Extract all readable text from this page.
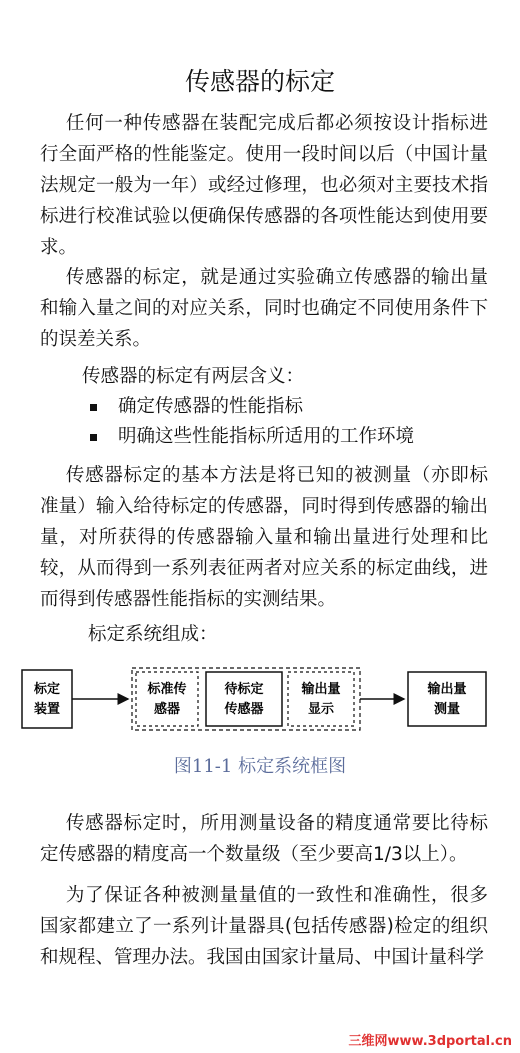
传感器的标定

任何一种传感器在装配完成后都必须按设计指标进行全面严格的性能鉴定。使用一段时间以后（中国计量法规定一般为一年）或经过修理，也必须对主要技术指标进行校准试验以便确保传感器的各项性能达到使用要求。

传感器的标定，就是通过实验确立传感器的输出量和输入量之间的对应关系，同时也确定不同使用条件下的误差关系。

传感器的标定有两层含义：

确定传感器的性能指标
明确这些性能指标所适用的工作环境

传感器标定的基本方法是将已知的被测量（亦即标准量）输入给待标定的传感器，同时得到传感器的输出量，对所获得的传感器输入量和输出量进行处理和比较，从而得到一系列表征两者对应关系的标定曲线，进而得到传感器性能指标的实测结果。

标定系统组成：

标定
装置
标准传
感器
待标定
传感器
输出量
显示
输出量
测量
图11-1 标定系统框图

传感器标定时，所用测量设备的精度通常要比待标定传感器的精度高一个数量级（至少要高1/3以上）。

为了保证各种被测量量值的一致性和准确性，很多国家都建立了一系列计量器具(包括传感器)检定的组织和规程、管理办法。我国由国家计量局、中国计量科学

三维网www.3dportal.cn
